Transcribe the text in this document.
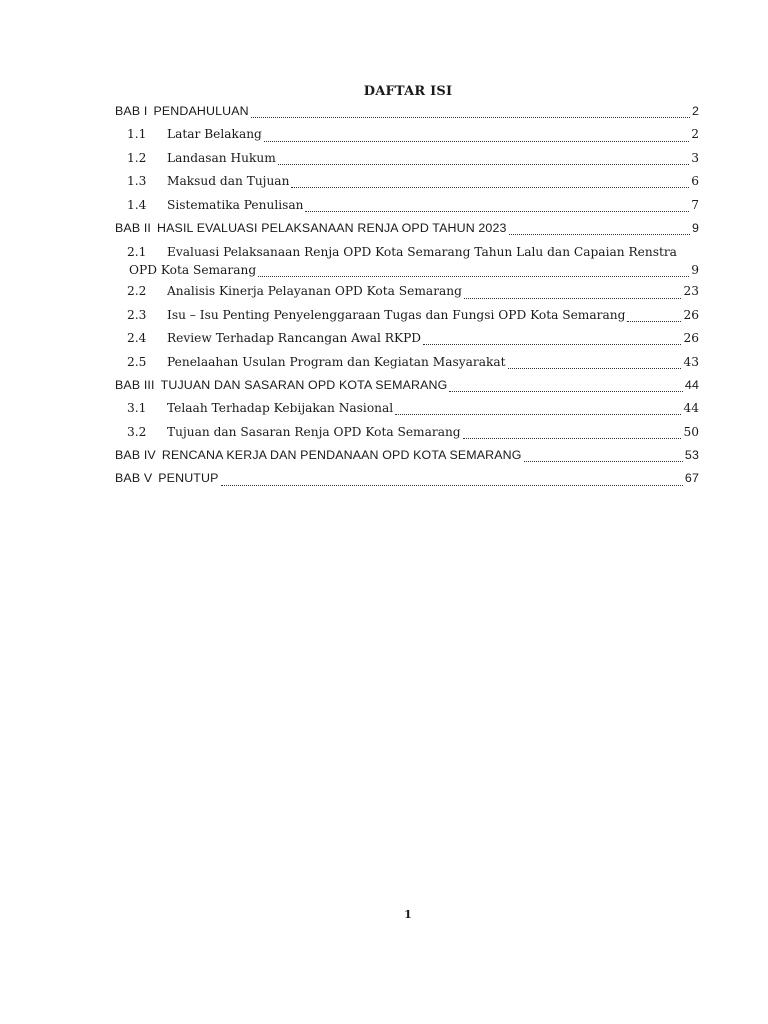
DAFTAR ISI
BAB I PENDAHULUAN	2
1.1	Latar Belakang	2
1.2	Landasan Hukum	3
1.3	Maksud dan Tujuan	6
1.4	Sistematika Penulisan	7
BAB II HASIL EVALUASI PELAKSANAAN RENJA OPD TAHUN 2023	9
2.1 Evaluasi Pelaksanaan Renja OPD Kota Semarang Tahun Lalu dan Capaian Renstra
OPD Kota Semarang	9
2.2	Analisis Kinerja Pelayanan OPD Kota Semarang	23
2.3	Isu – Isu Penting Penyelenggaraan Tugas dan Fungsi OPD Kota Semarang	26
2.4	Review Terhadap Rancangan Awal RKPD	26
2.5	Penelaahan Usulan Program dan Kegiatan Masyarakat	43
BAB III TUJUAN DAN SASARAN OPD KOTA SEMARANG	44
3.1	Telaah Terhadap Kebijakan Nasional	44
3.2	Tujuan dan Sasaran Renja OPD Kota Semarang	50
BAB IV RENCANA KERJA DAN PENDANAAN OPD KOTA SEMARANG	53
BAB V PENUTUP	67
1
